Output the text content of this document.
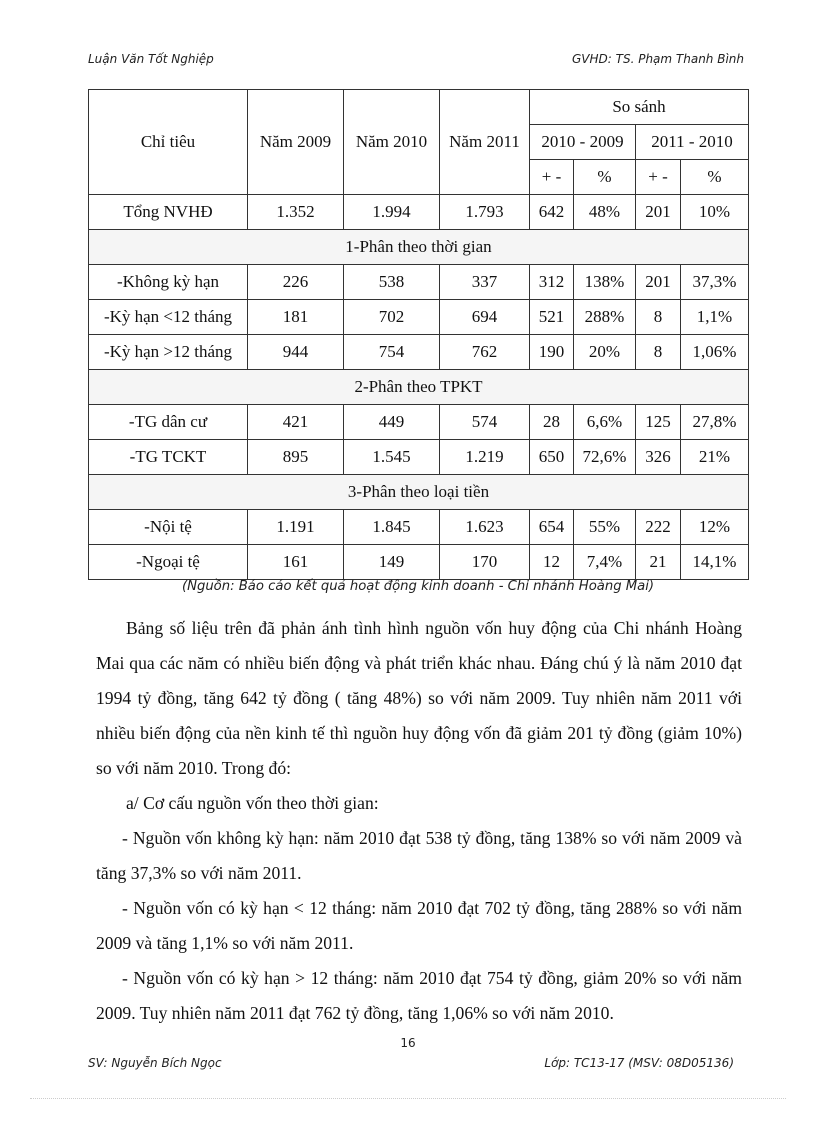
Luận Văn Tốt Nghiệp	GVHD: TS. Phạm Thanh Bình
Chỉ tiêu	Năm 2009	Năm 2010	Năm 2011	So sánh			
				2010 - 2009		2011 - 2010	
				+ -	%	+ -	%
Tổng NVHĐ	1.352	1.994	1.793	642	48%	201	10%
1-Phân theo thời gian							
-Không kỳ hạn	226	538	337	312	138%	201	37,3%
-Kỳ hạn <12 tháng	181	702	694	521	288%	8	1,1%
-Kỳ hạn >12 tháng	944	754	762	190	20%	8	1,06%
2-Phân theo TPKT							
-TG dân cư	421	449	574	28	6,6%	125	27,8%
-TG TCKT	895	1.545	1.219	650	72,6%	326	21%
3-Phân theo loại tiền							
-Nội tệ	1.191	1.845	1.623	654	55%	222	12%
-Ngoại tệ	161	149	170	12	7,4%	21	14,1%
(Nguồn: Báo cáo kết quả hoạt động kinh doanh - Chi nhánh Hoàng Mai)

Bảng số liệu trên đã phản ánh tình hình nguồn vốn huy động của Chi nhánh Hoàng Mai qua các năm có nhiều biến động và phát triển khác nhau. Đáng chú ý là năm 2010 đạt 1994 tỷ đồng, tăng 642 tỷ đồng ( tăng 48%) so với năm 2009. Tuy nhiên năm 2011 với nhiều biến động của nền kinh tế thì nguồn huy động vốn đã giảm 201 tỷ đồng (giảm 10%) so với năm 2010. Trong đó:

a/ Cơ cấu nguồn vốn theo thời gian:

- Nguồn vốn không kỳ hạn: năm 2010 đạt 538 tỷ đồng, tăng 138% so với năm 2009 và tăng 37,3% so với năm 2011.

- Nguồn vốn có kỳ hạn < 12 tháng: năm 2010 đạt 702 tỷ đồng, tăng 288% so với năm 2009 và tăng 1,1% so với năm 2011.

- Nguồn vốn có kỳ hạn > 12 tháng: năm 2010 đạt 754 tỷ đồng, giảm 20% so với năm 2009. Tuy nhiên năm 2011 đạt 762 tỷ đồng, tăng 1,06% so với năm 2010.

16
SV: Nguyễn Bích Ngọc	Lớp: TC13-17 (MSV: 08D05136)
